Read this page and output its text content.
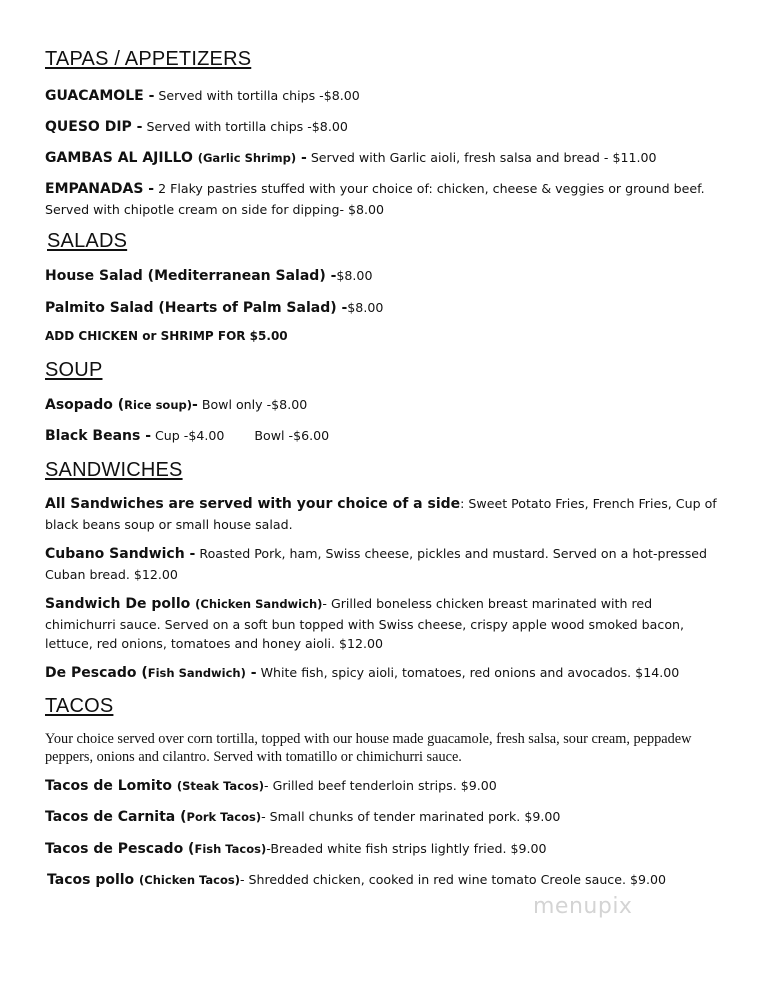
TAPAS / APPETIZERS
GUACAMOLE - Served with tortilla chips -$8.00
QUESO DIP - Served with tortilla chips -$8.00
GAMBAS AL AJILLO (Garlic Shrimp) - Served with Garlic aioli, fresh salsa and bread - $11.00
EMPANADAS - 2 Flaky pastries stuffed with your choice of: chicken, cheese & veggies or ground beef. Served with chipotle cream on side for dipping- $8.00
SALADS
House Salad (Mediterranean Salad) -$8.00
Palmito Salad (Hearts of Palm Salad) -$8.00
ADD CHICKEN or SHRIMP FOR $5.00
SOUP
Asopado (Rice soup)- Bowl only -$8.00
Black Beans - Cup -$4.00 Bowl -$6.00
SANDWICHES
All Sandwiches are served with your choice of a side: Sweet Potato Fries, French Fries, Cup of black beans soup or small house salad.
Cubano Sandwich - Roasted Pork, ham, Swiss cheese, pickles and mustard. Served on a hot-pressed Cuban bread. $12.00
Sandwich De pollo (Chicken Sandwich)- Grilled boneless chicken breast marinated with red chimichurri sauce. Served on a soft bun topped with Swiss cheese, crispy apple wood smoked bacon, lettuce, red onions, tomatoes and honey aioli. $12.00
De Pescado (Fish Sandwich) - White fish, spicy aioli, tomatoes, red onions and avocados. $14.00
TACOS
Your choice served over corn tortilla, topped with our house made guacamole, fresh salsa, sour cream, peppadew peppers, onions and cilantro. Served with tomatillo or chimichurri sauce.
Tacos de Lomito (Steak Tacos)- Grilled beef tenderloin strips. $9.00
Tacos de Carnita (Pork Tacos)- Small chunks of tender marinated pork. $9.00
Tacos de Pescado (Fish Tacos)-Breaded white fish strips lightly fried. $9.00
Tacos pollo (Chicken Tacos)- Shredded chicken, cooked in red wine tomato Creole sauce. $9.00
menupix
